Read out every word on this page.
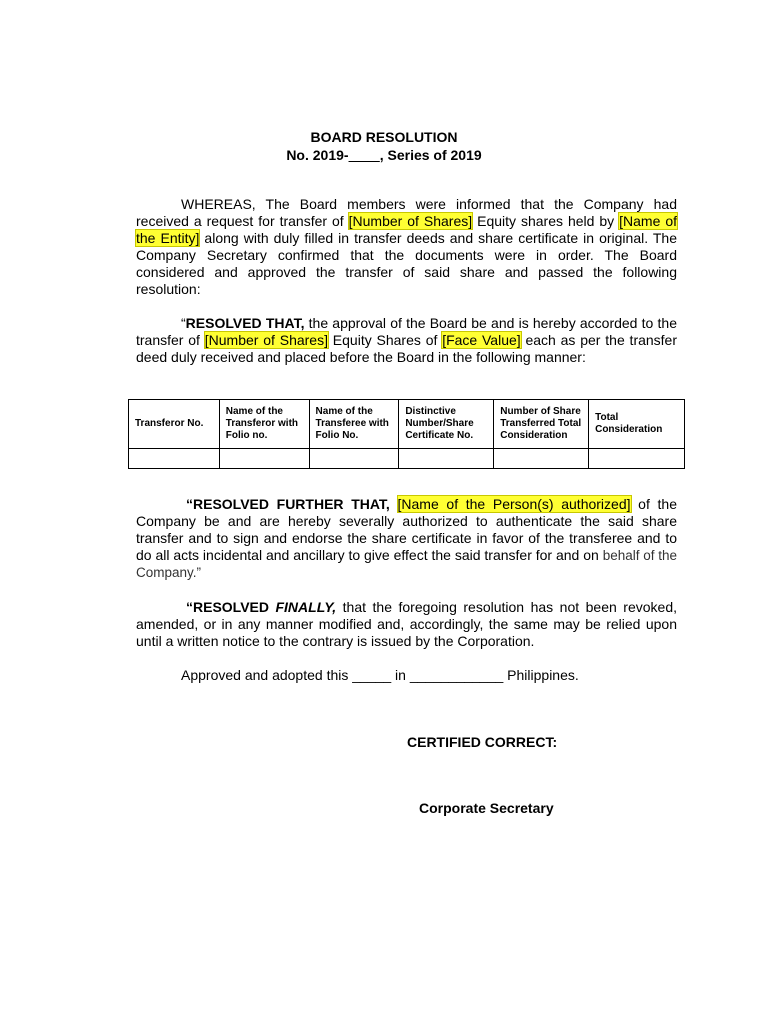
BOARD RESOLUTION
No. 2019-____, Series of 2019

WHEREAS, The Board members were informed that the Company had received a request for transfer of [Number of Shares] Equity shares held by [Name of the Entity] along with duly filled in transfer deeds and share certificate in original. The Company Secretary confirmed that the documents were in order. The Board considered and approved the transfer of said share and passed the following resolution:

“RESOLVED THAT, the approval of the Board be and is hereby accorded to the transfer of [Number of Shares] Equity Shares of [Face Value] each as per the transfer deed duly received and placed before the Board in the following manner:

Transferor No.	Name of the Transferor with Folio no.	Name of the Transferee with Folio No.	Distinctive Number/Share Certificate No.	Number of Share Transferred Total Consideration	Total Consideration

“RESOLVED FURTHER THAT, [Name of the Person(s) authorized] of the Company be and are hereby severally authorized to authenticate the said share transfer and to sign and endorse the share certificate in favor of the transferee and to do all acts incidental and ancillary to give effect the said transfer for and on behalf of the Company.”

“RESOLVED FINALLY, that the foregoing resolution has not been revoked, amended, or in any manner modified and, accordingly, the same may be relied upon until a written notice to the contrary is issued by the Corporation.

Approved and adopted this _____ in ____________ Philippines.
CERTIFIED CORRECT:
Corporate Secretary
